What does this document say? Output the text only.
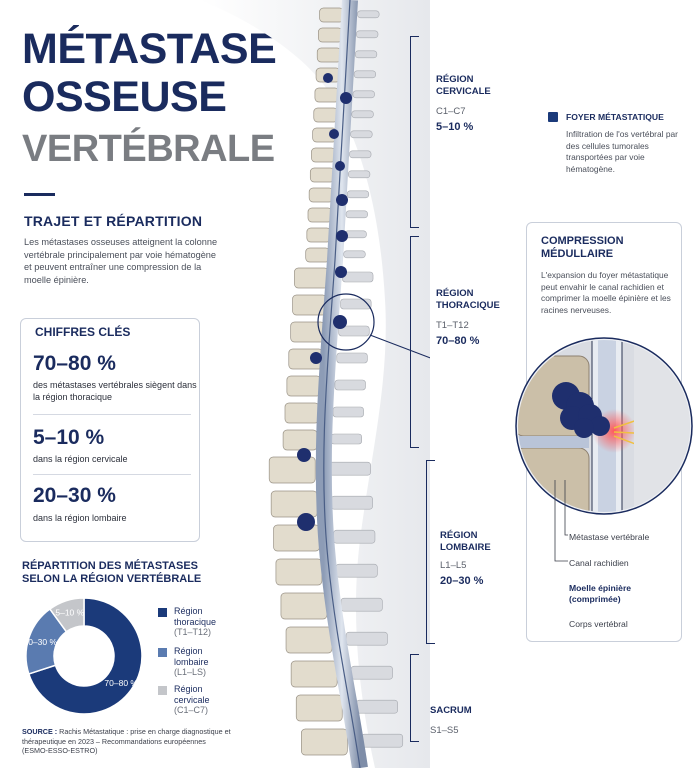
MÉTASTASE
OSSEUSE
VERTÉBRALE
TRAJET ET RÉPARTITION
Les métastases osseuses atteignent la colonne vertébrale principalement par voie hématogène et peuvent entraîner une compression de la moelle épinière.
CHIFFRES CLÉS
70–80 %
des métastases vertébrales siègent dans la région thoracique
5–10 %
dans la région cervicale
20–30 %
dans la région lombaire
RÉPARTITION DES MÉTASTASES SELON LA RÉGION VERTÉBRALE
70–80 %
20–30 %
5–10 %	Région thoracique
(T1–T12)
Région lombaire
(L1–LS)
Région cervicale
(C1–C7)
SOURCE : Rachis Métastatique : prise en charge diagnostique et thérapeutique en 2023 – Recommandations européennes (ESMO-ESSO-ESTRO)
RÉGION CERVICALE
C1–C7
5–10 %
RÉGION THORACIQUE
T1–T12
70–80 %
RÉGION LOMBAIRE
L1–L5
20–30 %
SACRUM
S1–S5
FOYER MÉTASTATIQUE
Infiltration de l'os vertébral par des cellules tumorales transportées par voie hématogène.
COMPRESSION MÉDULLAIRE
L'expansion du foyer métastatique peut envahir le canal rachidien et comprimer la moelle épinière et les racines nerveuses.
Métastase vertébrale
Canal rachidien
Moelle épinière (comprimée)
Corps vertébral
